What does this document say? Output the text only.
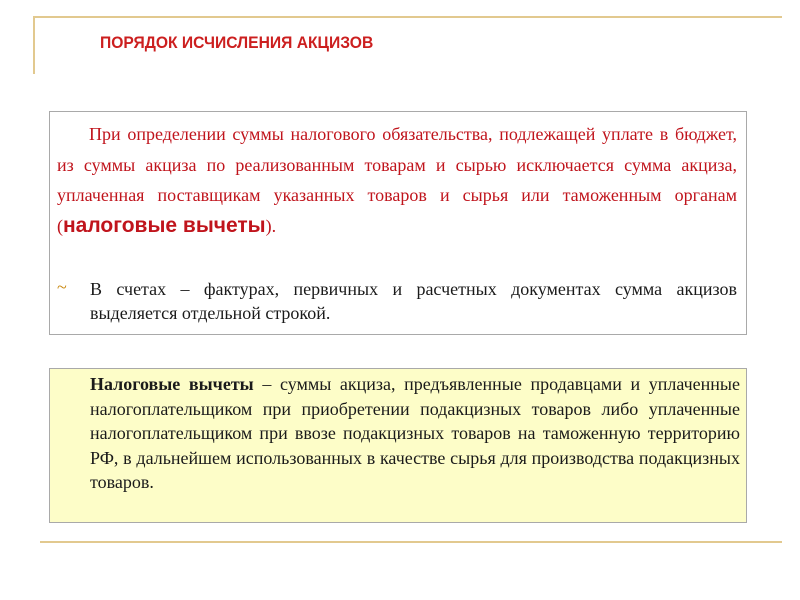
ПОРЯДОК ИСЧИСЛЕНИЯ АКЦИЗОВ

При определении суммы налогового обязательства, подлежащей уплате в бюджет, из суммы акциза по реализованным товарам и сырью исключается сумма акциза, уплаченная поставщикам указанных товаров и сырья или таможенным органам (налоговые вычеты).

~ В счетах – фактурах, первичных и расчетных документах сумма акцизов выделяется отдельной строкой.

Налоговые вычеты – суммы акциза, предъявленные продавцами и уплаченные налогоплательщиком при приобретении подакцизных товаров либо уплаченные налогоплательщиком при ввозе подакцизных товаров на таможенную территорию РФ, в дальнейшем использованных в качестве сырья для производства подакцизных товаров.
